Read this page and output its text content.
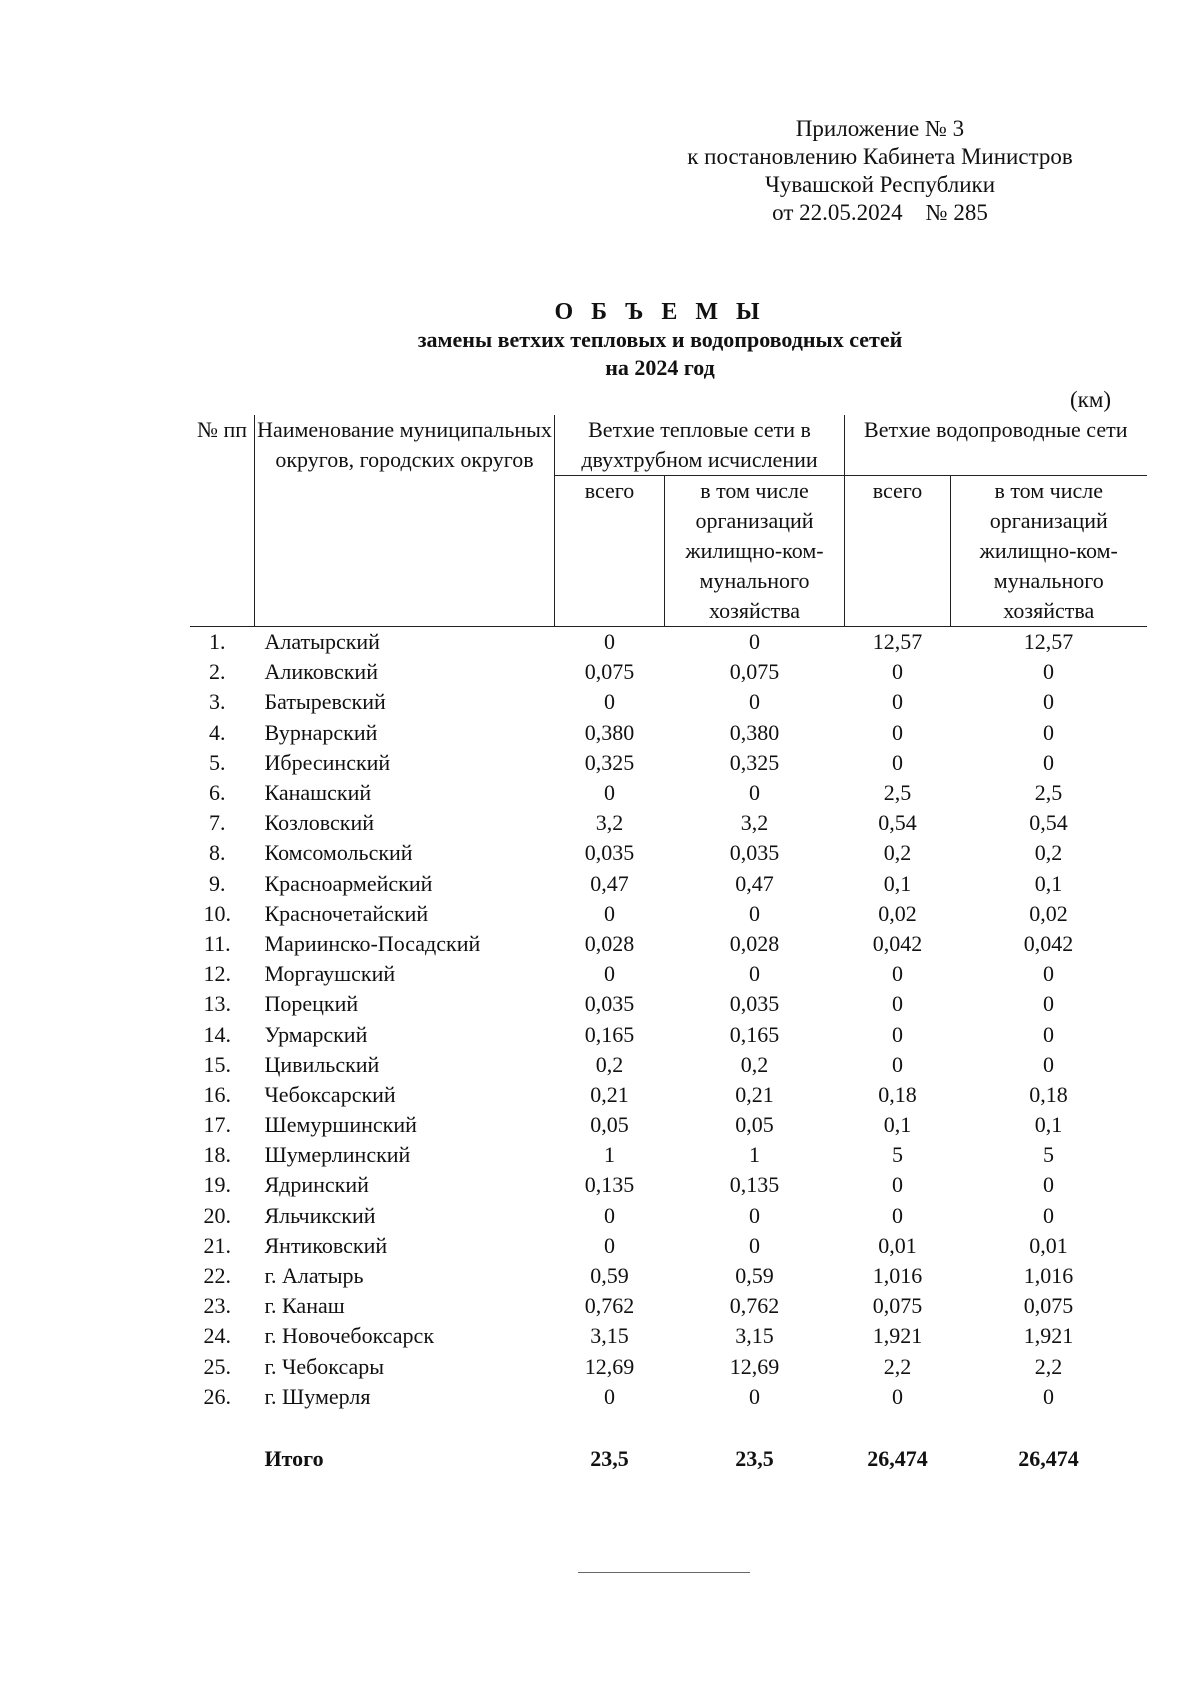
Приложение № 3
к постановлению Кабинета Министров
Чувашской Республики
от 22.05.2024    № 285
О Б Ъ Е М Ы
замены ветхих тепловых и водопроводных сетей
на 2024 год
(км)
№ пп	Наименование муниципальных округов, городских округов	Ветхие тепловые сети в двухтрубном исчислении		Ветхие водопроводные сети	
		всего	в том числе организаций жилищно-ком-мунального хозяйства	всего	в том числе организаций жилищно-ком-мунального хозяйства
1.	Алатырский	0	0	12,57	12,57
2.	Аликовский	0,075	0,075	0	0
3.	Батыревский	0	0	0	0
4.	Вурнарский	0,380	0,380	0	0
5.	Ибресинский	0,325	0,325	0	0
6.	Канашский	0	0	2,5	2,5
7.	Козловский	3,2	3,2	0,54	0,54
8.	Комсомольский	0,035	0,035	0,2	0,2
9.	Красноармейский	0,47	0,47	0,1	0,1
10.	Красночетайский	0	0	0,02	0,02
11.	Мариинско-Посадский	0,028	0,028	0,042	0,042
12.	Моргаушский	0	0	0	0
13.	Порецкий	0,035	0,035	0	0
14.	Урмарский	0,165	0,165	0	0
15.	Цивильский	0,2	0,2	0	0
16.	Чебоксарский	0,21	0,21	0,18	0,18
17.	Шемуршинский	0,05	0,05	0,1	0,1
18.	Шумерлинский	1	1	5	5
19.	Ядринский	0,135	0,135	0	0
20.	Яльчикский	0	0	0	0
21.	Янтиковский	0	0	0,01	0,01
22.	г. Алатырь	0,59	0,59	1,016	1,016
23.	г. Канаш	0,762	0,762	0,075	0,075
24.	г. Новочебоксарск	3,15	3,15	1,921	1,921
25.	г. Чебоксары	12,69	12,69	2,2	2,2
26.	г. Шумерля	0	0	0	0

	Итого	23,5	23,5	26,474	26,474
